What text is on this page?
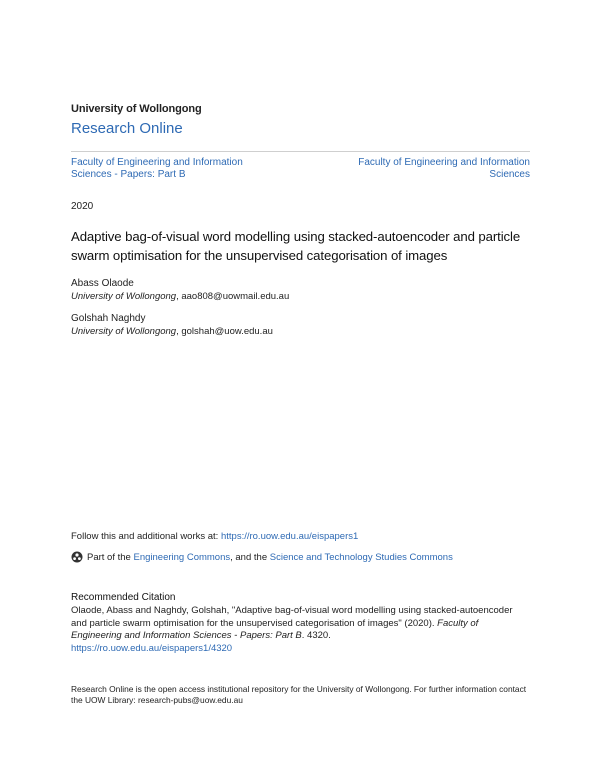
University of Wollongong
Research Online
Faculty of Engineering and Information Sciences - Papers: Part B
Faculty of Engineering and Information Sciences
2020
Adaptive bag-of-visual word modelling using stacked-autoencoder and particle swarm optimisation for the unsupervised categorisation of images
Abass Olaode
University of Wollongong, aao808@uowmail.edu.au
Golshah Naghdy
University of Wollongong, golshah@uow.edu.au
Follow this and additional works at: https://ro.uow.edu.au/eispapers1
Part of the
Engineering Commons , and the
Science and Technology Studies Commons
Recommended Citation
Olaode, Abass and Naghdy, Golshah, "Adaptive bag-of-visual word modelling using stacked-autoencoder and particle swarm optimisation for the unsupervised categorisation of images" (2020). Faculty of Engineering and Information Sciences - Papers: Part B. 4320.
https://ro.uow.edu.au/eispapers1/4320
Research Online is the open access institutional repository for the University of Wollongong. For further information contact the UOW Library: research-pubs@uow.edu.au
